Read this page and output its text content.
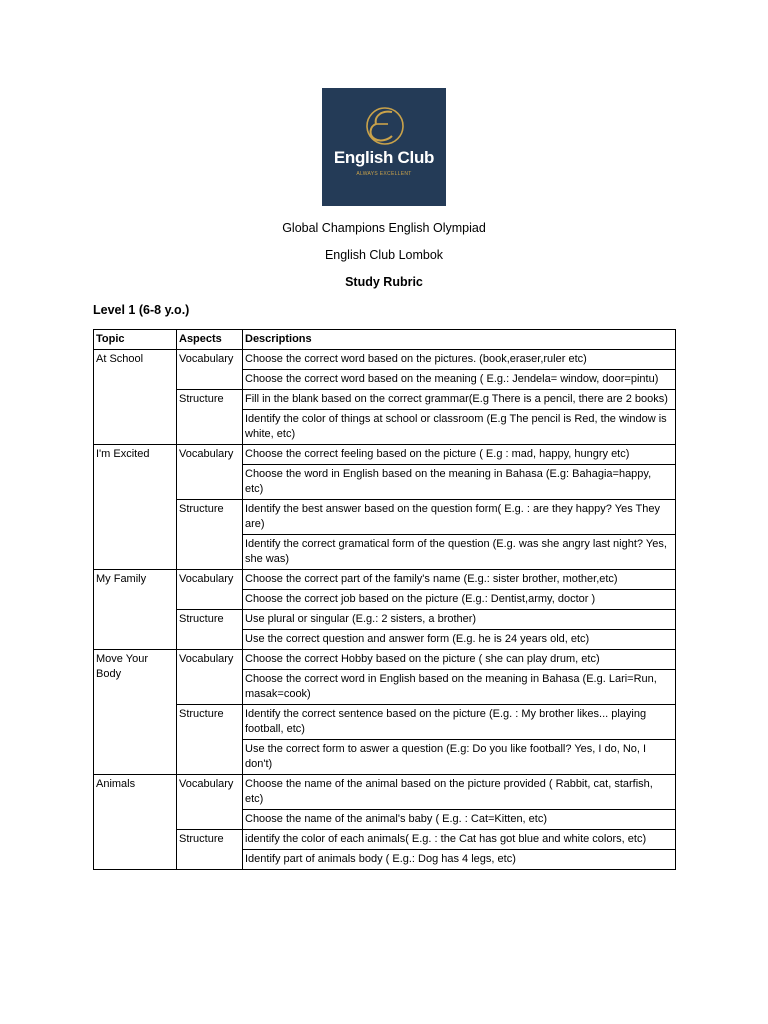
English Club
ALWAYS EXCELLENT
Global Champions English Olympiad
English Club Lombok
Study Rubric
Level 1 (6-8 y.o.)
Topic	Aspects	Descriptions
At School	Vocabulary	Choose the correct word based on the pictures. (book,eraser,ruler etc)
		Choose the correct word based on the meaning ( E.g.: Jendela= window, door=pintu)
	Structure	Fill in the blank based on the correct grammar(E.g There is a pencil, there are 2 books)
		Identify the color of things at school or classroom (E.g The pencil is Red, the window is white, etc)
I'm Excited	Vocabulary	Choose the correct feeling based on the picture ( E.g : mad, happy, hungry etc)
		Choose the word in English based on the meaning in Bahasa (E.g: Bahagia=happy, etc)
	Structure	Identify the best answer based on the question form( E.g. : are they happy? Yes They are)
		Identify the correct gramatical form of the question (E.g. was she angry last night? Yes, she was)
My Family	Vocabulary	Choose the correct part of the family's name (E.g.: sister brother, mother,etc)
		Choose the correct job based on the picture (E.g.: Dentist,army, doctor )
	Structure	Use plural or singular (E.g.: 2 sisters, a brother)
		Use the correct question and answer form (E.g. he is 24 years old, etc)
Move Your Body	Vocabulary	Choose the correct Hobby based on the picture ( she can play drum, etc)
		Choose the correct word in English based on the meaning in Bahasa (E.g. Lari=Run, masak=cook)
	Structure	Identify the correct sentence based on the picture (E.g. : My brother likes... playing football, etc)
		Use the correct form to aswer a question (E.g: Do you like football? Yes, I do, No, I don't)
Animals	Vocabulary	Choose the name of the animal based on the picture provided ( Rabbit, cat, starfish, etc)
		Choose the name of the animal's baby ( E.g. : Cat=Kitten, etc)
	Structure	identify the color of each animals( E.g. : the Cat has got blue and white colors, etc)
		Identify part of animals body ( E.g.: Dog has 4 legs, etc)
